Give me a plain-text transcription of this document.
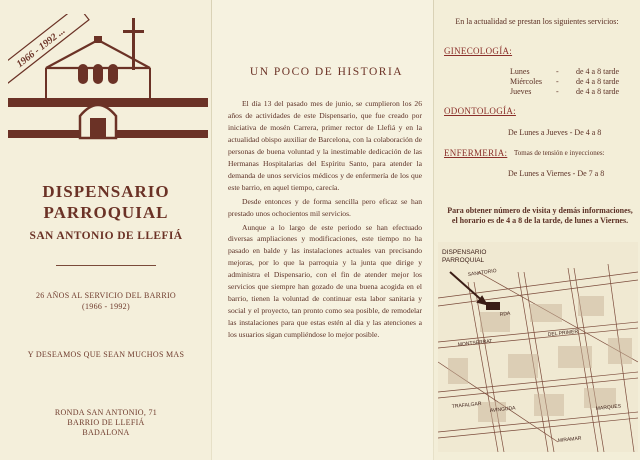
1966 - 1992 ...
DISPENSARIO
PARROQUIAL
SAN ANTONIO DE LLEFIÁ
26 AÑOS AL SERVICIO DEL BARRIO
(1966 - 1992)
Y DESEAMOS QUE SEAN MUCHOS MAS
RONDA SAN ANTONIO, 71
BARRIO DE LLEFIÁ
BADALONA
UN POCO DE HISTORIA

El día 13 del pasado mes de junio, se cumplieron los 26 años de actividades de este Dispensario, que fue creado por iniciativa de mosén Carrera, primer rector de Llefiá y en la actualidad obispo auxiliar de Barcelona, con la colaboración de personas de buena voluntad y la inestimable dedicación de las Hermanas Hospitalarias del Espíritu Santo, para atender la demanda de unos servicios médicos y de enfermería de los que este barrio, en aquel tiempo, carecía.

Desde entonces y de forma sencilla pero eficaz se han prestado unos ochocientos mil servicios.

Aunque a lo largo de este periodo se han efectuado diversas ampliaciones y modificaciones, este tiempo no ha pasado en balde y las instalaciones actuales van precisando mejoras, por lo que la parroquia y la junta que dirige y administra el Dispensario, con el fin de atender mejor los servicios que siempre han gozado de una buena acogida en el barrio, tienen la voluntad de continuar esta labor sanitaria y social y el proyecto, tan pronto como sea posible, de remodelar las instalaciones para que estas estén al día y las atenciones a los usuarios sigan cumpliéndose lo mejor posible.

En la actualidad se prestan los siguientes servicios:
GINECOLOGÍA:
Lunes	- de 4 a 8 tarde
Miércoles - de 4 a 8 tarde
Jueves	- de 4 a 8 tarde
ODONTOLOGÍA:
De Lunes a Jueves - De 4 a 8
ENFERMERIA: Tomas de tensión e inyecciones:
De Lunes a Viernes - De 7 a 8
Para obtener número de visita y demás informaciones, el horario es de 4 a 8 de la tarde, de lunes a Viernes.
DISPENSARIO
PARROQUIAL
SANATORIO
RDA
AVINGUDA	MARQUES
TRAFALGAR
MONTSERRAT
DEL PRIMER
MIRAMAR
